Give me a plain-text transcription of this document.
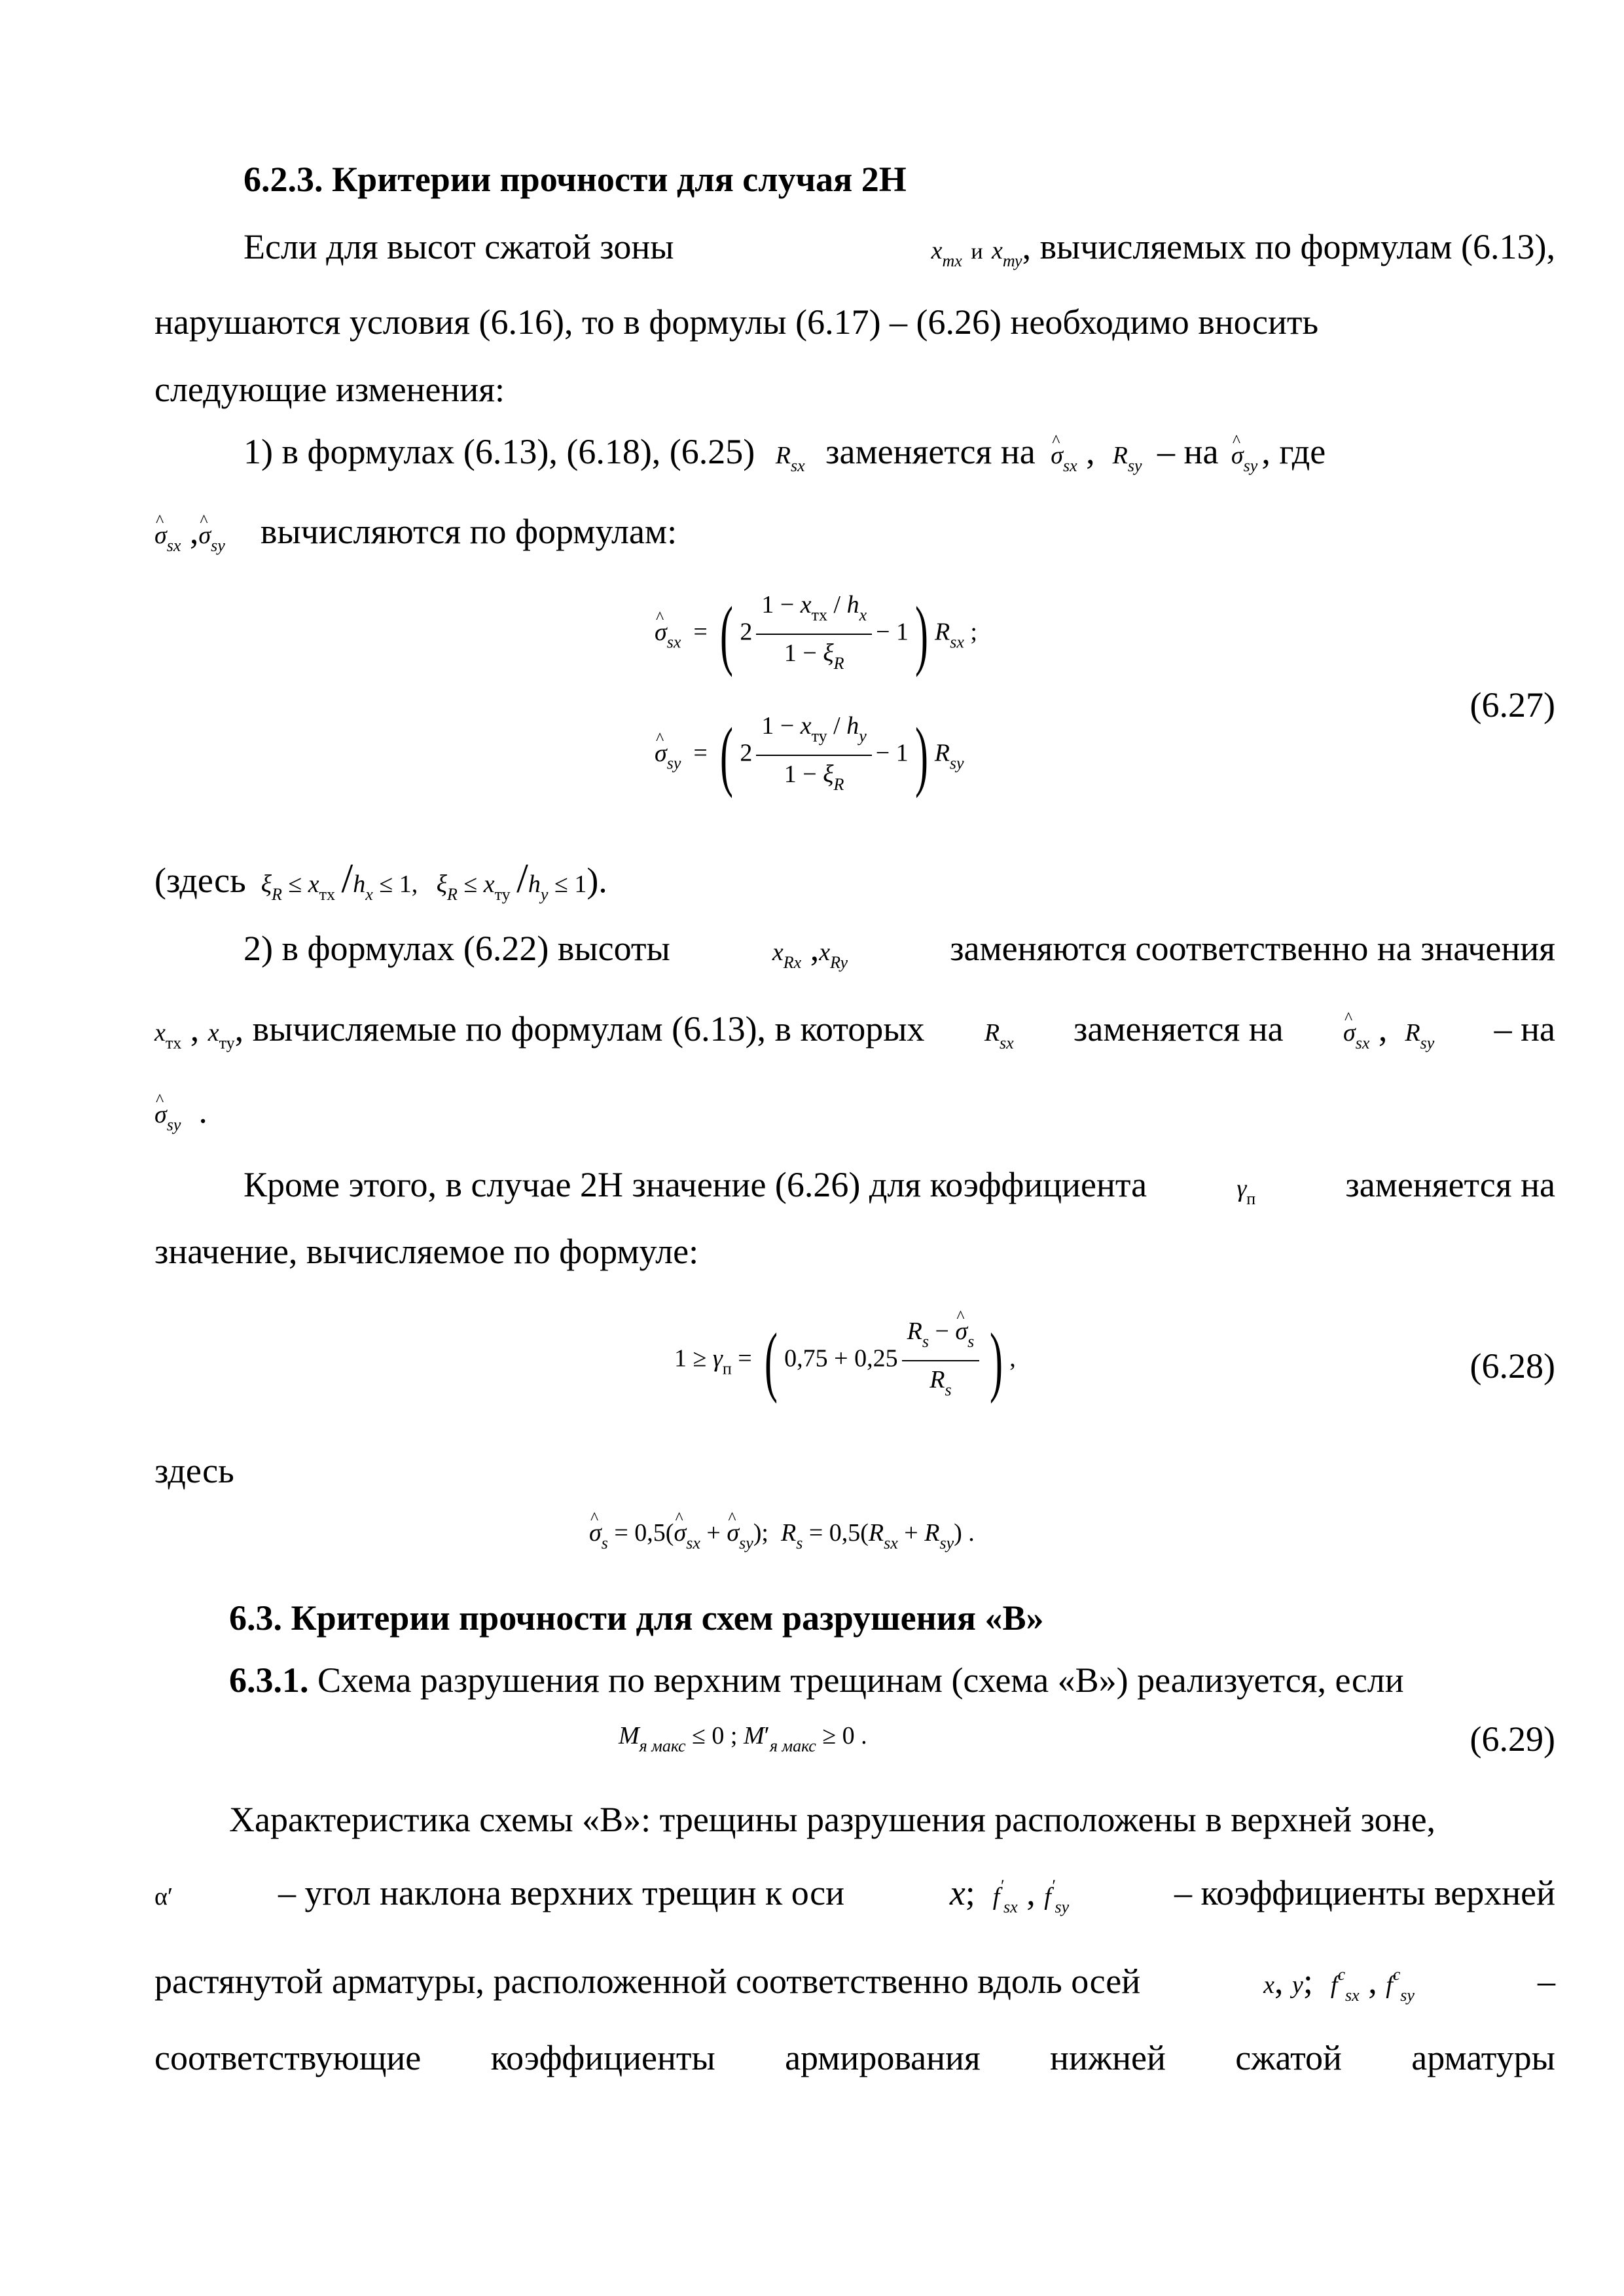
6.2.3. Критерии прочности для случая 2Н
Если для высот сжатой зоны	$x_{тх}$ и $x_{ту}$, вычисляемых по формулам (6.13),
нарушаются условия (6.16), то в формулы (6.17) – (6.26) необходимо вносить
следующие изменения:
1) в формулах (6.13), (6.18), (6.25) $R_{sx}$ заменяется на ^ $\sigma_{sx}$ ,  $R_{sy}$ – на ^ $\sigma_{sy}$ , где
^ $\sigma_{sx}$ ,^ $\sigma_{sy}$ вычисляются по формулам:
^ $\sigma_{sx}$  = ( $2 \frac{1 - x_{тх} / h_x}{1 - \xi_R} - 1$) $R_{sx}$ ;
^ $\sigma_{sy}$  = ( $2 \frac{1 - x_{ту} / h_y}{1 - \xi_R} - 1$) $R_{sy}$
(6.27)
(здесь $\xi_R \le x_{тх}$ $/h_x \le 1$,   $\xi_R \le x_{ту}$ $/h_y \le 1$).
2) в формулах (6.22) высоты	$x_{Rx}$ $,x_{Ry}$	заменяются соответственно на значения
$x_{тх}$ , $x_{ту}$, вычисляемые по формулам (6.13), в которых $R_{sx}$ заменяется на ^ $\sigma_{sx}$ ,  $R_{sy}$ – на
^ $\sigma_{sy}$  .
Кроме этого, в случае 2Н значение (6.26) для коэффициента	$\gamma_п$	заменяется на
значение, вычисляемое по формуле:
$1 \ge \gamma_п$ = ( $0,75 + 0,25 \frac{R_s - \^{} \sigma_s}{R_s}$ ) ,	(6.28)
здесь
^ $\sigma_s$ = 0,5(^ $\sigma_{sx}$ + ^ $\sigma_{sy}$);  $R_s = 0,5(R_{sx} + R_{sy})$ .
6.3. Критерии прочности для схем разрушения «В»
6.3.1. Схема разрушения по верхним трещинам (схема «В») реализуется, если
$M_{я макс} \le 0$ ; $M'_{я макс} \ge 0$ .	(6.29)
Характеристика схемы «В»: трещины разрушения расположены в верхней зоне,
α′	– угол наклона верхних трещин к оси	x;  $f'_{sx}$ , $f'_{sy}$	– коэффициенты верхней
растянутой арматуры, расположенной соответственно вдоль осей	x, y;  $f^c_{sx}$ , $f^c_{sy}$	–
соответствующие коэффициенты армирования нижней сжатой арматуры
